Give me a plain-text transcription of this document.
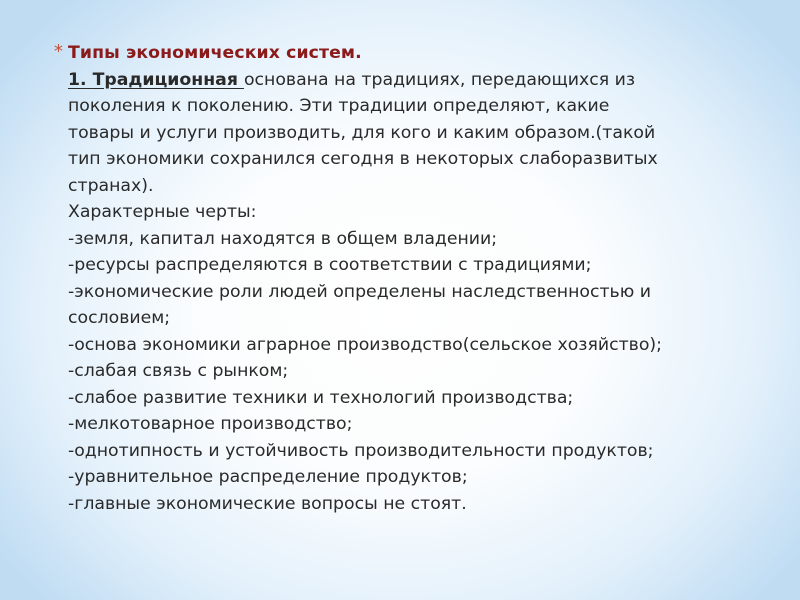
* Типы экономических систем.
1. Традиционная основана на традициях, передающихся из
поколения к поколению. Эти традиции определяют, какие
товары и услуги производить, для кого и каким образом.(такой
тип экономики сохранился сегодня в некоторых слаборазвитых
странах).
Характерные черты:
-земля, капитал находятся в общем владении;
-ресурсы распределяются в соответствии с традициями;
-экономические роли людей определены наследственностью и
сословием;
-основа экономики аграрное производство(сельское хозяйство);
-слабая связь с рынком;
-слабое развитие техники и технологий производства;
-мелкотоварное производство;
-однотипность и устойчивость производительности продуктов;
-уравнительное распределение продуктов;
-главные экономические вопросы не стоят.
